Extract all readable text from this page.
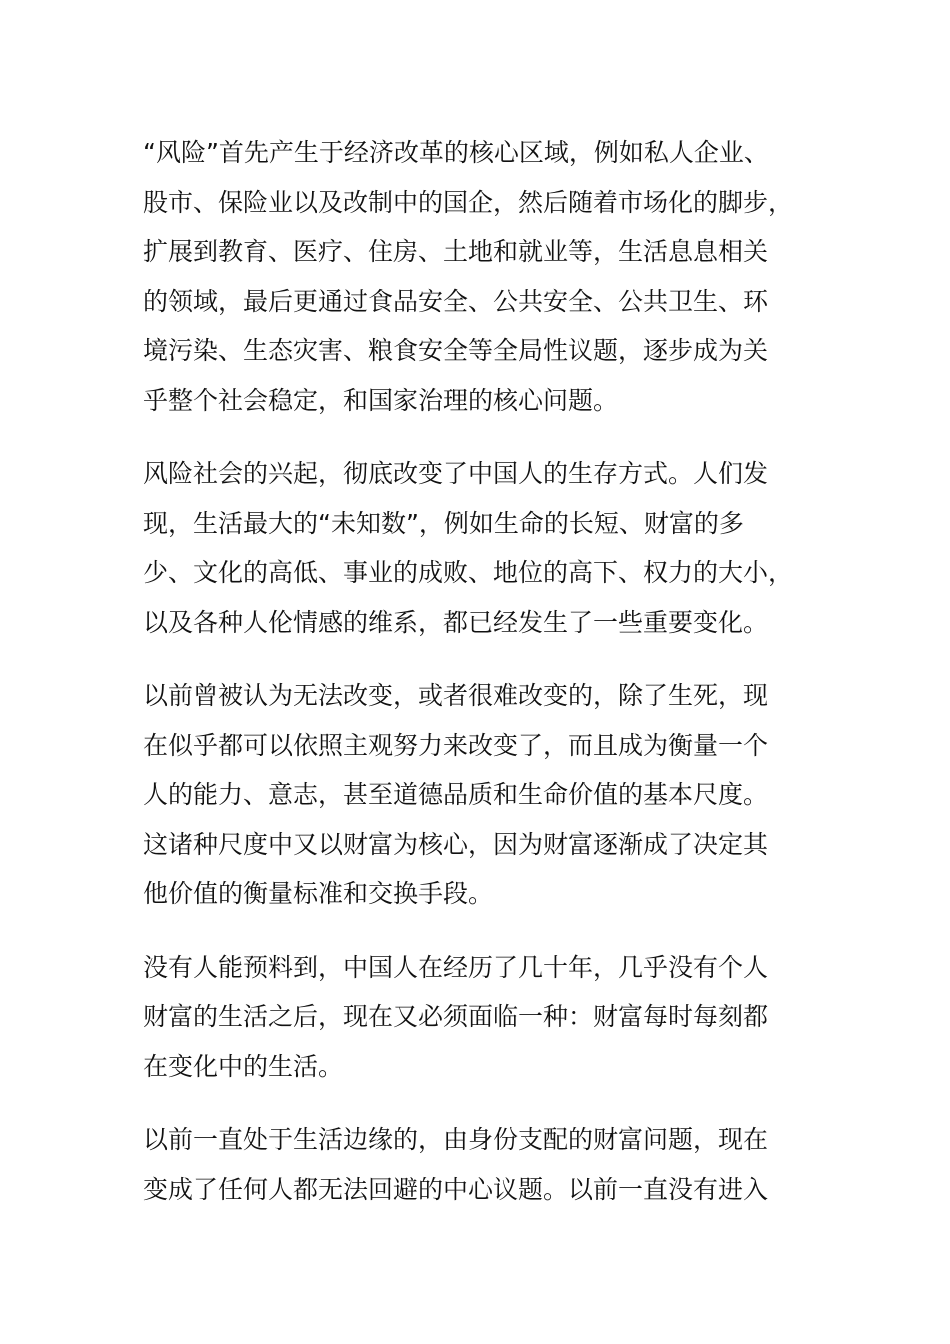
“风险”首先产生于经济改革的核心区域，例如私人企业、
股市、保险业以及改制中的国企，然后随着市场化的脚步，
扩展到教育、医疗、住房、土地和就业等，生活息息相关
的领域，最后更通过食品安全、公共安全、公共卫生、环
境污染、生态灾害、粮食安全等全局性议题，逐步成为关
乎整个社会稳定，和国家治理的核心问题。
风险社会的兴起，彻底改变了中国人的生存方式。人们发
现，生活最大的“未知数”，例如生命的长短、财富的多
少、文化的高低、事业的成败、地位的高下、权力的大小，
以及各种人伦情感的维系，都已经发生了一些重要变化。
以前曾被认为无法改变，或者很难改变的，除了生死，现
在似乎都可以依照主观努力来改变了，而且成为衡量一个
人的能力、意志，甚至道德品质和生命价值的基本尺度。
这诸种尺度中又以财富为核心，因为财富逐渐成了决定其
他价值的衡量标准和交换手段。
没有人能预料到，中国人在经历了几十年，几乎没有个人
财富的生活之后，现在又必须面临一种：财富每时每刻都
在变化中的生活。
以前一直处于生活边缘的，由身份支配的财富问题，现在
变成了任何人都无法回避的中心议题。以前一直没有进入
